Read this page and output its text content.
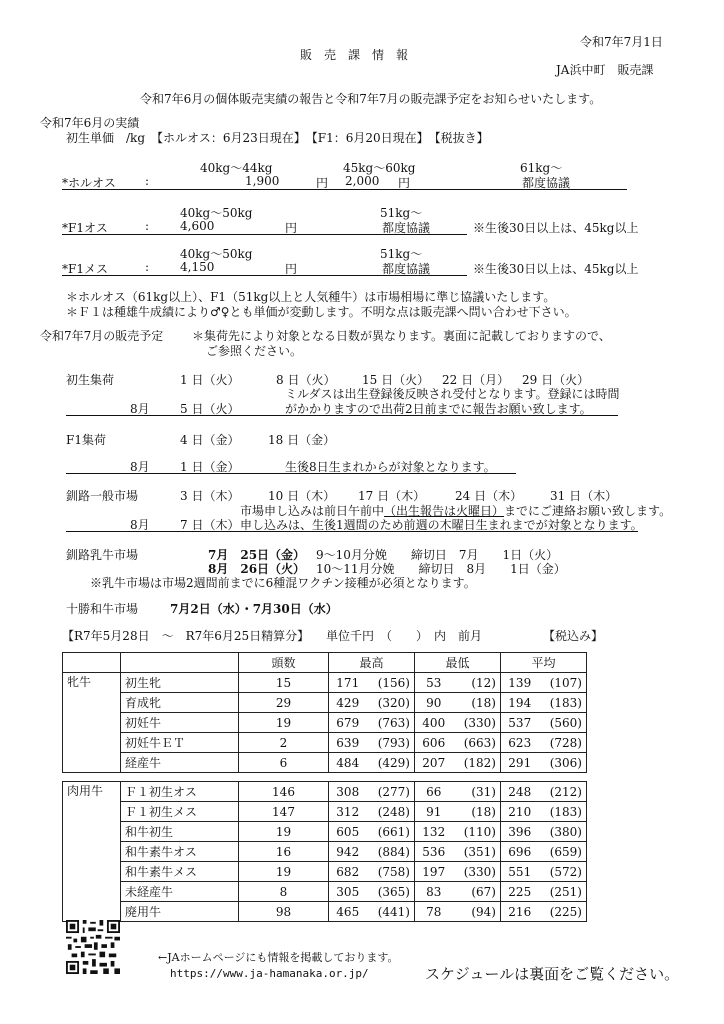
令和7年7月1日
販　売　課　情　報
JA浜中町　販売課
令和7年6月の個体販売実績の報告と令和7年7月の販売課予定をお知らせいたします。
令和7年6月の実績
初生単価　/kg　【ホルオス：6月23日現在】　【F1：6月20日現在】　【税抜き】
40kg～44kg	45kg～60kg	61kg～
*ホルオス :	1,900	円 2,000 円	都度協議
40kg～50kg	51kg～
*F1オス	:	4,600	円	都度協議	※生後30日以上は、45kg以上
40kg～50kg	51kg～
*F1メス	:	4,150	円	都度協議	※生後30日以上は、45kg以上
＊ホルオス（61kg以上）、F1（51kg以上と人気種牛）は市場相場に準じ協議いたします。
＊Ｆ１は種雄牛成績により♂♀とも単価が変動します。不明な点は販売課へ問い合わせ下さい。
令和7年7月の販売予定 ＊集荷先により対象となる日数が異なります。裏面に記載しておりますので、
ご参照ください。
初生集荷	1 日（火）	8 日（火） 15 日（火） 22 日（月） 29 日（火）
ミルダスは出生登録後反映され受付となります。登録には時間
8月	5 日（火）	がかかりますので出荷2日前までに報告お願い致します。
F1集荷	4 日（金） 18 日（金）
8月	1 日（金）	生後8日生まれからが対象となります。
釧路一般市場	3 日（木） 10 日（木） 17 日（木） 24 日（木） 31 日（木）
市場申し込みは前日午前中（出生報告は火曜日）までにご連絡お願い致します。
8月	7 日（木） 申し込みは、生後1週間のため前週の木曜日生まれまでが対象となります。
釧路乳牛市場	7月　25日（金） 9～10月分娩　　締切日　7月　　1日（火）
8月　26日（火） 10～11月分娩　　締切日　8月　　1日（金）
※乳牛市場は市場2週間前までに6種混ワクチン接種が必須となります。
十勝和牛市場	7月2日（水）・7月30日（水）
【R7年5月28日　～　R7年6月25日精算分】 単位千円　（　　）　内　前月	【税込み】
		頭数	最高		最低		平均	
牝牛	初生牝	15	171	(156)	53	(12)	139	(107)
	育成牝	29	429	(320)	90	(18)	194	(183)
	初妊牛	19	679	(763)	400	(330)	537	(560)
	初妊牛ＥＴ	2	639	(793)	606	(663)	623	(728)
	経産牛	6	484	(429)	207	(182)	291	(306)
肉用牛	Ｆ１初生オス	146	308	(277)	66	(31)	248	(212)
	Ｆ１初生メス	147	312	(248)	91	(18)	210	(183)
	和牛初生	19	605	(661)	132	(110)	396	(380)
	和牛素牛オス	16	942	(884)	536	(351)	696	(659)
	和牛素牛メス	19	682	(758)	197	(330)	551	(572)
	未経産牛	8	305	(365)	83	(67)	225	(251)
	廃用牛	98	465	(441)	78	(94)	216	(225)
←JAホームページにも情報を掲載しております。
https://www.ja-hamanaka.or.jp/	スケジュールは裏面をご覧ください。
